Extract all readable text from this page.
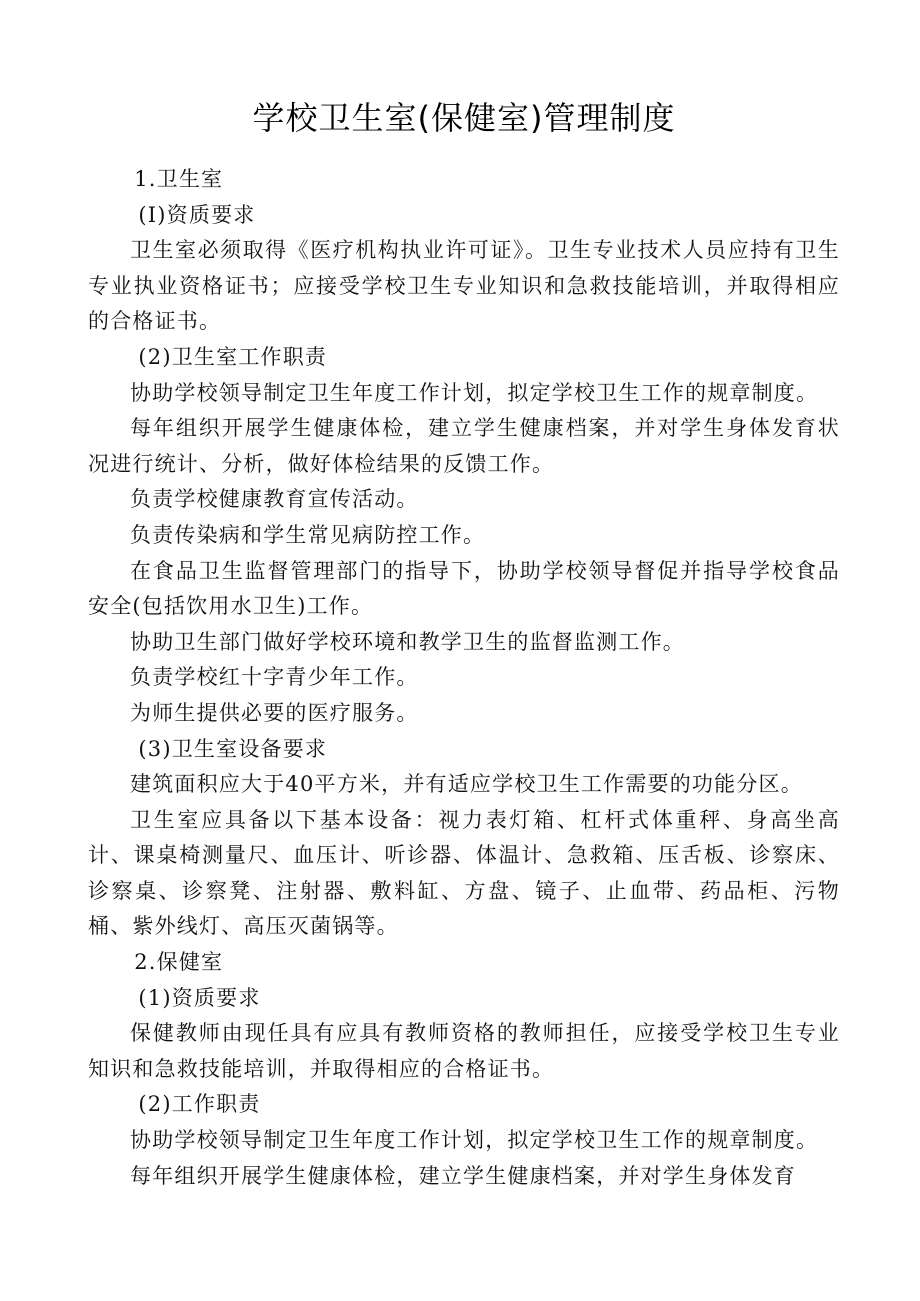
学校卫生室(保健室)管理制度

1.卫生室

(I)资质要求

卫生室必须取得《医疗机构执业许可证》。卫生专业技术人员应持有卫生专业执业资格证书；应接受学校卫生专业知识和急救技能培训，并取得相应的合格证书。

(2)卫生室工作职责

协助学校领导制定卫生年度工作计划，拟定学校卫生工作的规章制度。

每年组织开展学生健康体检，建立学生健康档案，并对学生身体发育状况进行统计、分析，做好体检结果的反馈工作。

负责学校健康教育宣传活动。

负责传染病和学生常见病防控工作。

在食品卫生监督管理部门的指导下，协助学校领导督促并指导学校食品安全(包括饮用水卫生)工作。

协助卫生部门做好学校环境和教学卫生的监督监测工作。

负责学校红十字青少年工作。

为师生提供必要的医疗服务。

(3)卫生室设备要求

建筑面积应大于40平方米，并有适应学校卫生工作需要的功能分区。

卫生室应具备以下基本设备：视力表灯箱、杠杆式体重秤、身高坐高计、课桌椅测量尺、血压计、听诊器、体温计、急救箱、压舌板、诊察床、诊察桌、诊察凳、注射器、敷料缸、方盘、镜子、止血带、药品柜、污物桶、紫外线灯、高压灭菌锅等。

2.保健室

(1)资质要求

保健教师由现任具有应具有教师资格的教师担任，应接受学校卫生专业知识和急救技能培训，并取得相应的合格证书。

(2)工作职责

协助学校领导制定卫生年度工作计划，拟定学校卫生工作的规章制度。

每年组织开展学生健康体检，建立学生健康档案，并对学生身体发育
